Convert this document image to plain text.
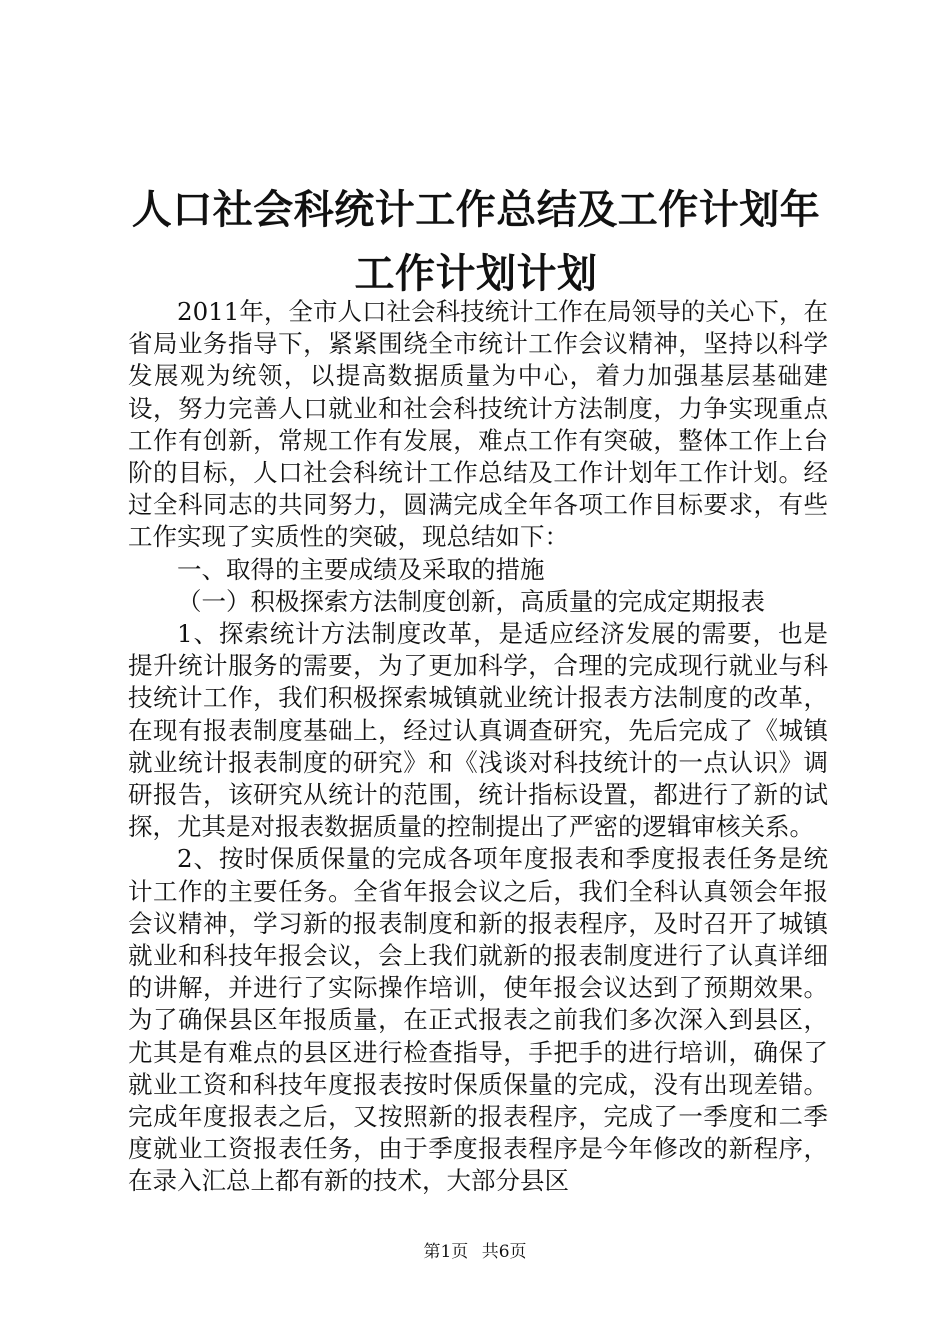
人口社会科统计工作总结及工作计划年工作计划计划

2011年，全市人口社会科技统计工作在局领导的关心下，在省局业务指导下，紧紧围绕全市统计工作会议精神，坚持以科学发展观为统领，以提高数据质量为中心，着力加强基层基础建设，努力完善人口就业和社会科技统计方法制度，力争实现重点工作有创新，常规工作有发展，难点工作有突破，整体工作上台阶的目标，人口社会科统计工作总结及工作计划年工作计划。经过全科同志的共同努力，圆满完成全年各项工作目标要求，有些工作实现了实质性的突破，现总结如下：

一、取得的主要成绩及采取的措施

（一）积极探索方法制度创新，高质量的完成定期报表

1、探索统计方法制度改革，是适应经济发展的需要，也是提升统计服务的需要，为了更加科学，合理的完成现行就业与科技统计工作，我们积极探索城镇就业统计报表方法制度的改革，在现有报表制度基础上，经过认真调查研究，先后完成了《城镇就业统计报表制度的研究》和《浅谈对科技统计的一点认识》调研报告，该研究从统计的范围，统计指标设置，都进行了新的试探，尤其是对报表数据质量的控制提出了严密的逻辑审核关系。

2、按时保质保量的完成各项年度报表和季度报表任务是统计工作的主要任务。全省年报会议之后，我们全科认真领会年报会议精神，学习新的报表制度和新的报表程序，及时召开了城镇就业和科技年报会议，会上我们就新的报表制度进行了认真详细的讲解，并进行了实际操作培训，使年报会议达到了预期效果。为了确保县区年报质量，在正式报表之前我们多次深入到县区，尤其是有难点的县区进行检查指导，手把手的进行培训，确保了就业工资和科技年度报表按时保质保量的完成，没有出现差错。完成年度报表之后，又按照新的报表程序，完成了一季度和二季度就业工资报表任务，由于季度报表程序是今年修改的新程序，在录入汇总上都有新的技术，大部分县区

第1页 共6页
